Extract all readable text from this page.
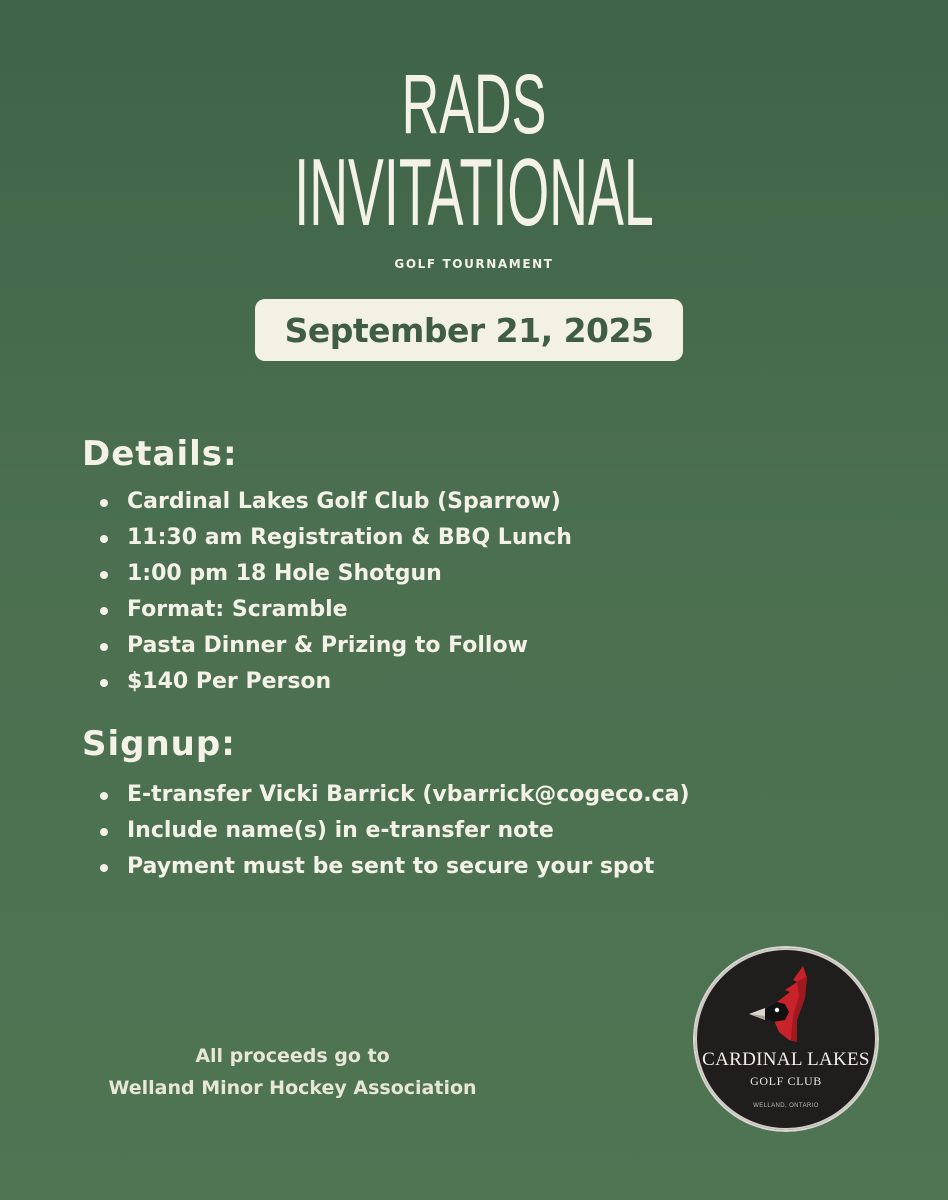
RADS
INVITATIONAL
GOLF TOURNAMENT
September 21, 2025
Details:
Cardinal Lakes Golf Club (Sparrow)
11:30 am Registration & BBQ Lunch
1:00 pm 18 Hole Shotgun
Format: Scramble
Pasta Dinner & Prizing to Follow
$140 Per Person
Signup:
E-transfer Vicki Barrick (vbarrick@cogeco.ca)
Include name(s) in e-transfer note
Payment must be sent to secure your spot
All proceeds go to
Welland Minor Hockey Association
CARDINAL LAKES
GOLF CLUB
WELLAND, ONTARIO
